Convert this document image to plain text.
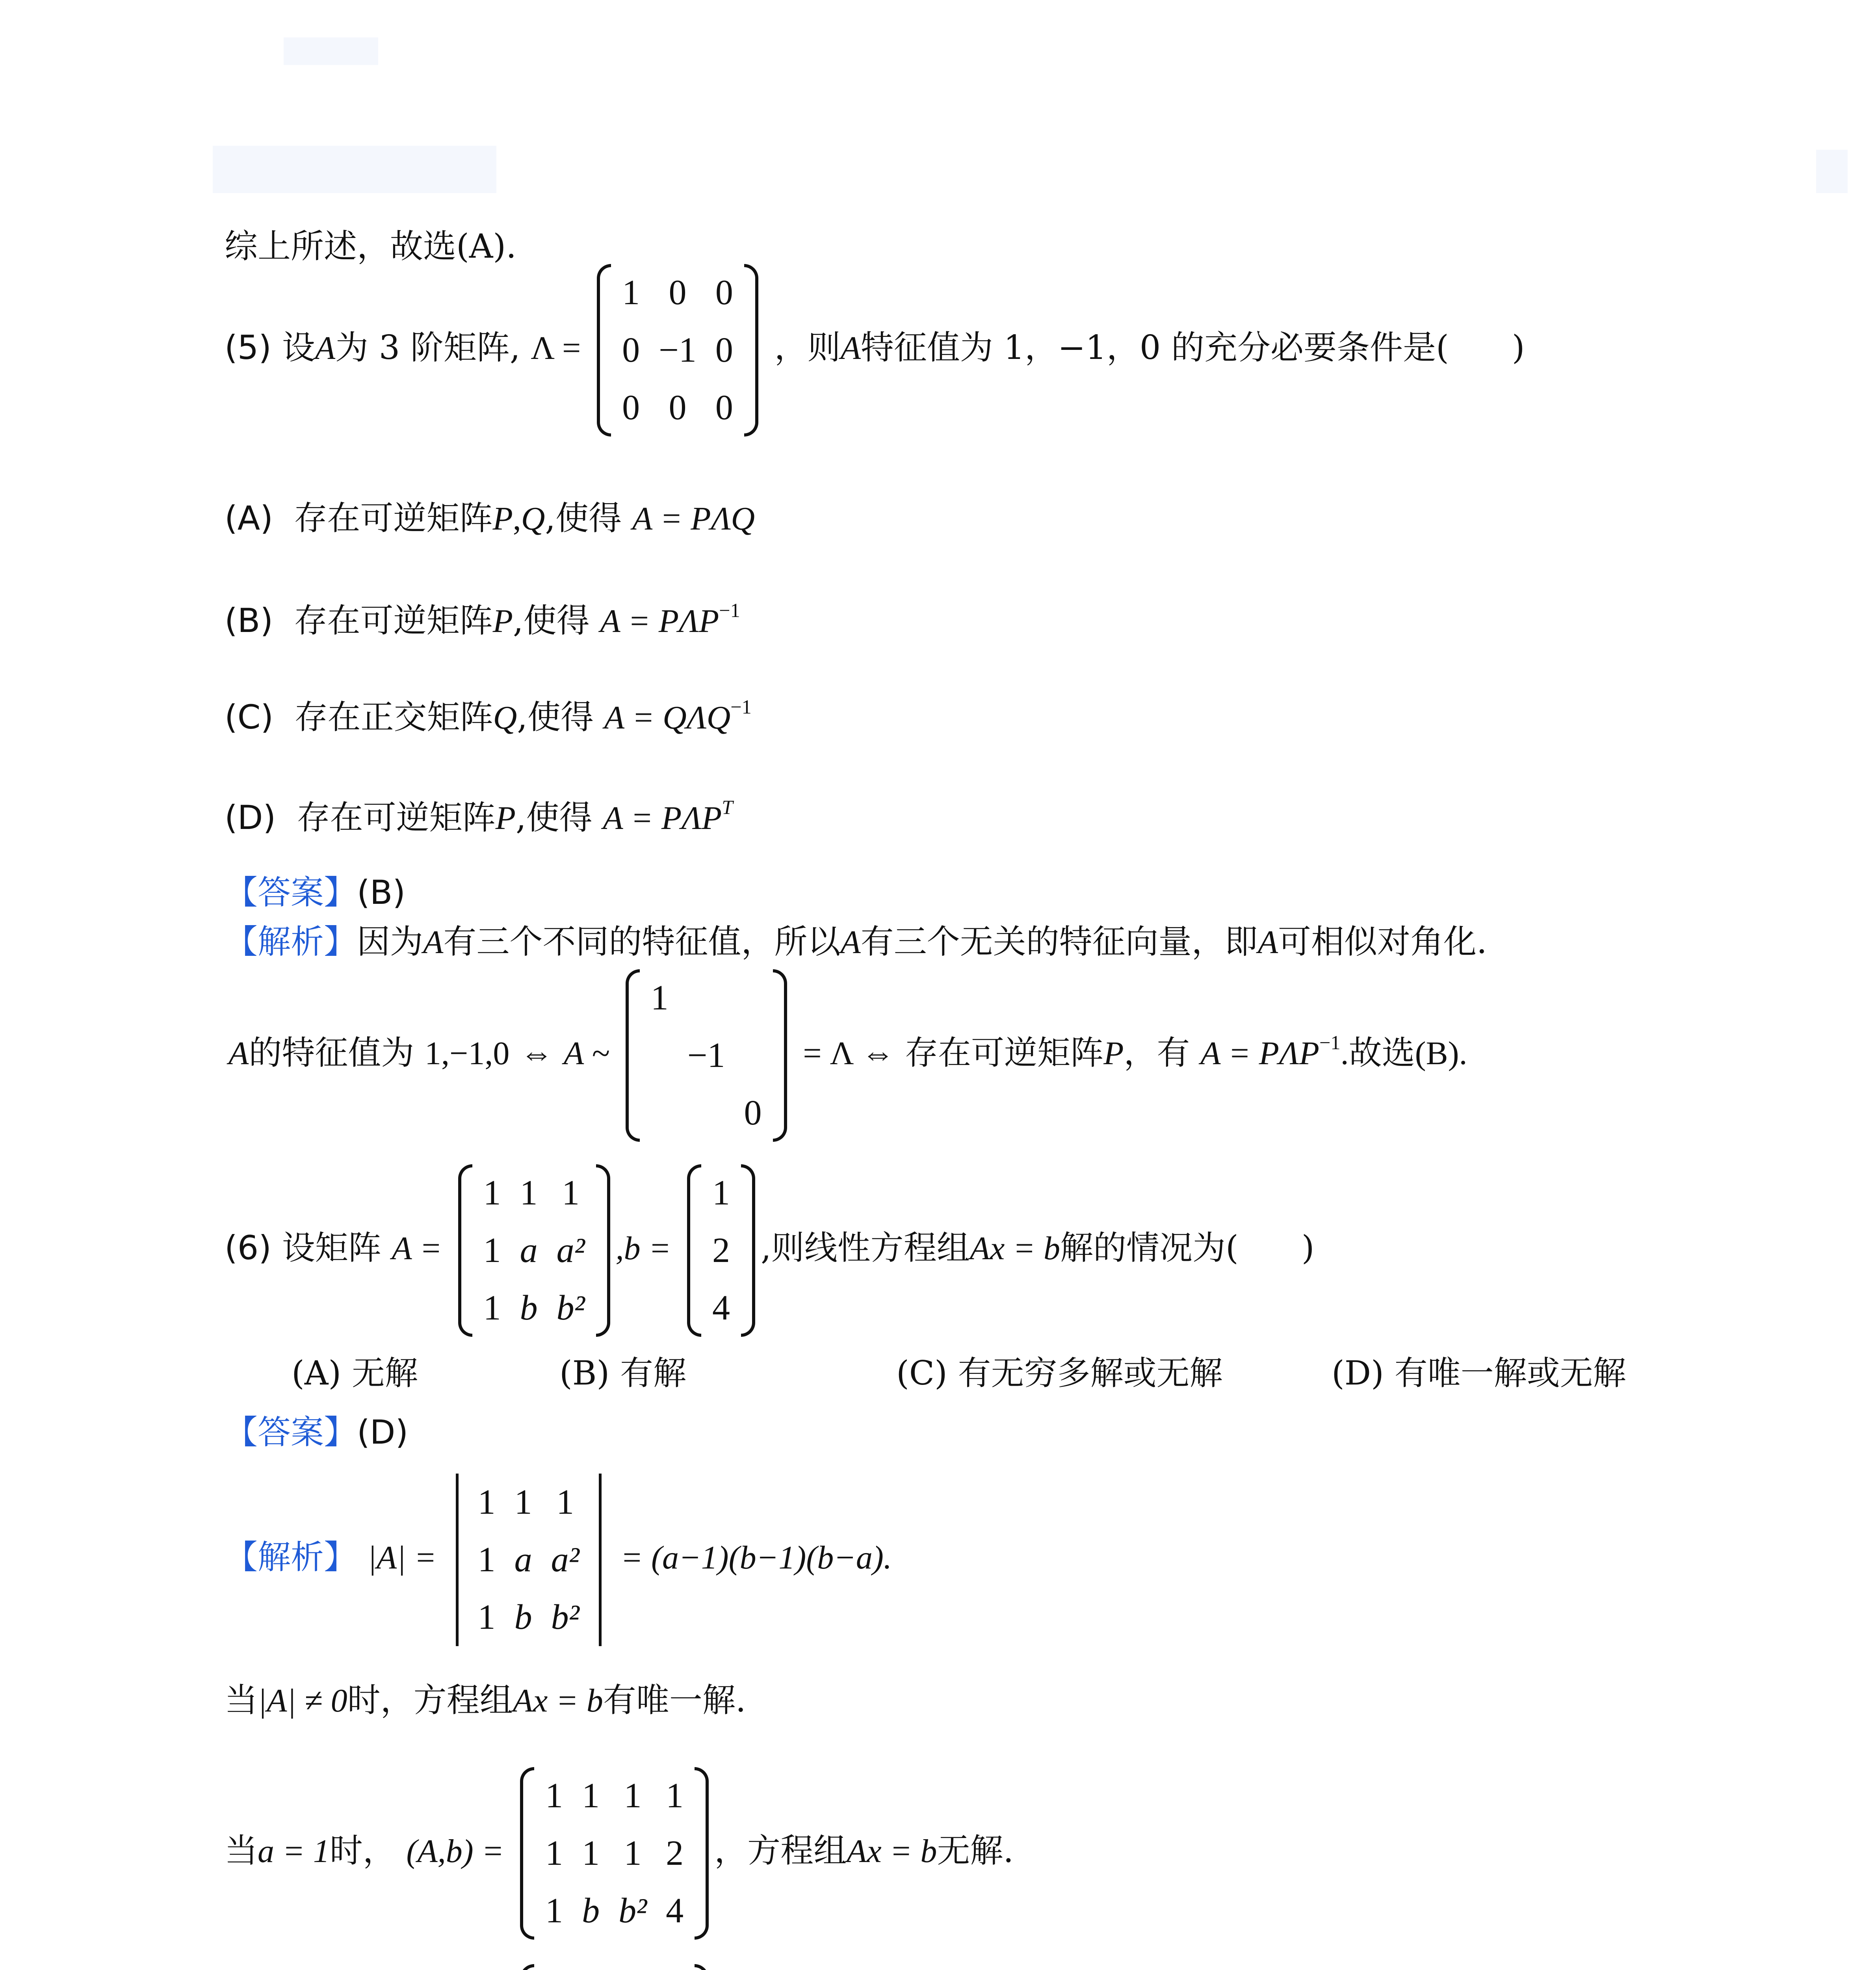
综上所述，故选(A).
(5) 设A为 3 阶矩阵, Λ =
1	0	0
0	−1	0
0	0	0
，则A特征值为 1，−1，0 的充分必要条件是( )
(A) 存在可逆矩阵P,Q,使得 A = PΛQ
(B) 存在可逆矩阵P,使得 $A = P\Lambda P^{-1}$
(C) 存在正交矩阵Q,使得 $A = Q\Lambda Q^{-1}$
(D) 存在可逆矩阵P,使得 $A = P\Lambda P^T$
【答案】(B)
【解析】因为A有三个不同的特征值，所以A有三个无关的特征向量，即A可相似对角化.
A的特征值为 1,−1,0 ⇔ A ~
1		
	−1	
		0
= Λ ⇔ 存在可逆矩阵P，有 $A = P\Lambda P^{-1}$.故选(B).
(6) 设矩阵 A =
1	1	1
1	a	a²
1	b	b²
,b =
1
2
4
,则线性方程组Ax = b解的情况为( )
(A) 无解	(B) 有解	(C) 有无穷多解或无解	(D) 有唯一解或无解
【答案】(D)
【解析】 |A| =
1	1	1
1	a	a²
1	b	b²
= (a−1)(b−1)(b−a).
当|A| ≠ 0时，方程组Ax = b有唯一解.
当a = 1时， (A,b) =
1	1	1	1
1	1	1	2
1	b	b²	4
，方程组Ax = b无解.
